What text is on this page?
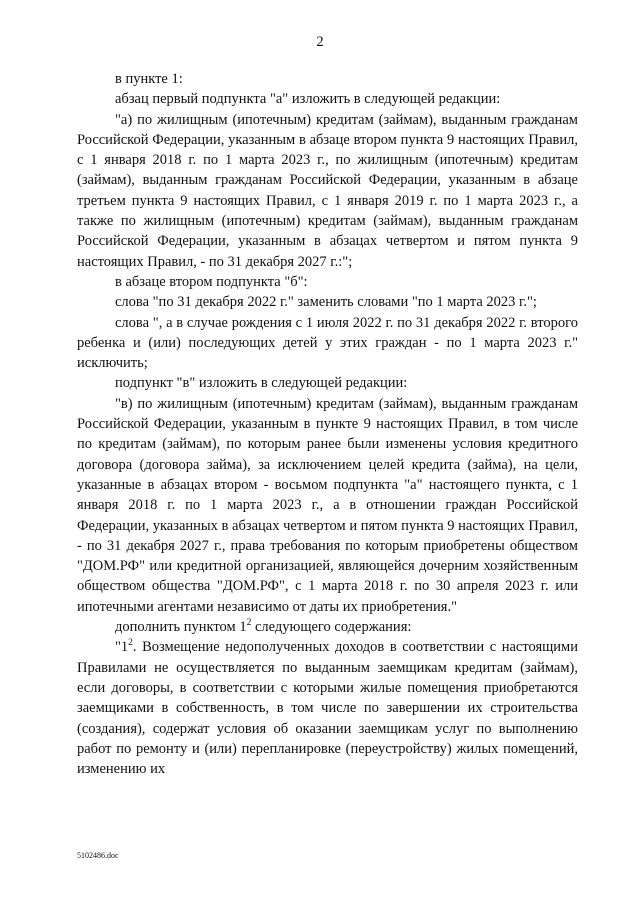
2

в пункте 1:

абзац первый подпункта "а" изложить в следующей редакции:

"а) по жилищным (ипотечным) кредитам (займам), выданным гражданам Российской Федерации, указанным в абзаце втором пункта 9 настоящих Правил, с 1 января 2018 г. по 1 марта 2023 г., по жилищным (ипотечным) кредитам (займам), выданным гражданам Российской Федерации, указанным в абзаце третьем пункта 9 настоящих Правил, с 1 января 2019 г. по 1 марта 2023 г., а также по жилищным (ипотечным) кредитам (займам), выданным гражданам Российской Федерации, указанным в абзацах четвертом и пятом пункта 9 настоящих Правил, - по 31 декабря 2027 г.:";

в абзаце втором подпункта "б":

слова "по 31 декабря 2022 г." заменить словами "по 1 марта 2023 г.";

слова ", а в случае рождения с 1 июля 2022 г. по 31 декабря 2022 г. второго ребенка и (или) последующих детей у этих граждан - по 1 марта 2023 г." исключить;

подпункт "в" изложить в следующей редакции:

"в) по жилищным (ипотечным) кредитам (займам), выданным гражданам Российской Федерации, указанным в пункте 9 настоящих Правил, в том числе по кредитам (займам), по которым ранее были изменены условия кредитного договора (договора займа), за исключением целей кредита (займа), на цели, указанные в абзацах втором - восьмом подпункта "а" настоящего пункта, с 1 января 2018 г. по 1 марта 2023 г., а в отношении граждан Российской Федерации, указанных в абзацах четвертом и пятом пункта 9 настоящих Правил, - по 31 декабря 2027 г., права требования по которым приобретены обществом "ДОМ.РФ" или кредитной организацией, являющейся дочерним хозяйственным обществом общества "ДОМ.РФ", с 1 марта 2018 г. по 30 апреля 2023 г. или ипотечными агентами независимо от даты их приобретения."

дополнить пунктом $1^2$ следующего содержания:

"$1^2$. Возмещение недополученных доходов в соответствии с настоящими Правилами не осуществляется по выданным заемщикам кредитам (займам), если договоры, в соответствии с которыми жилые помещения приобретаются заемщиками в собственность, в том числе по завершении их строительства (создания), содержат условия об оказании заемщикам услуг по выполнению работ по ремонту и (или) перепланировке (переустройству) жилых помещений, изменению их

5102486.doc
